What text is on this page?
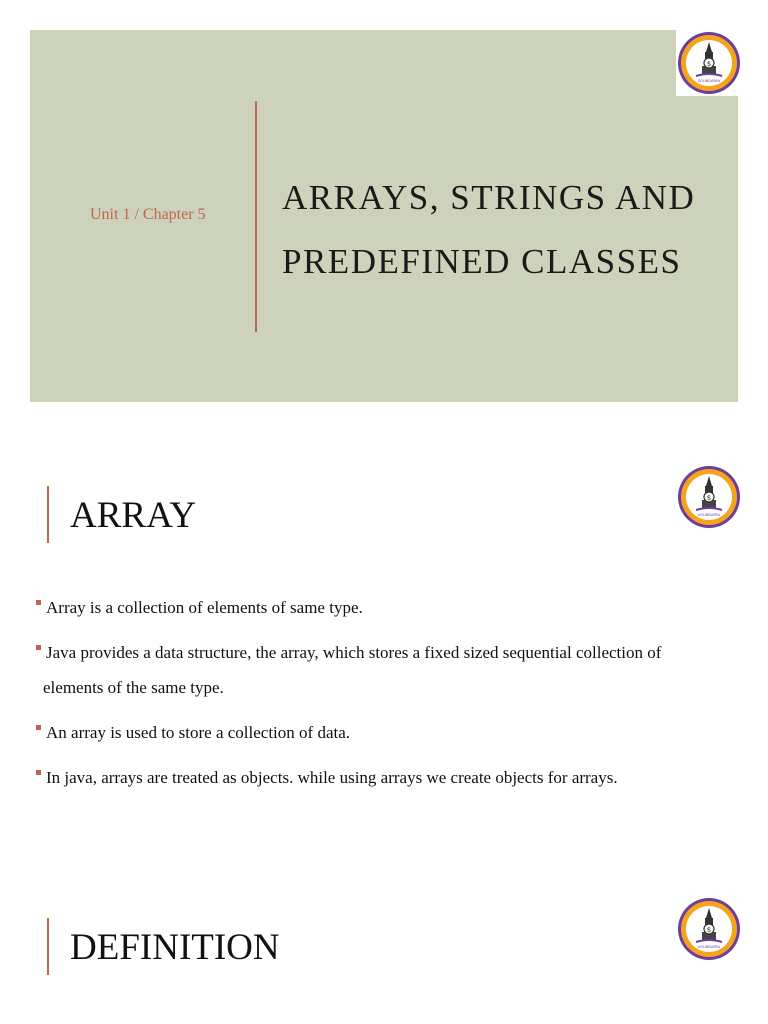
Unit 1 / Chapter 5 ARRAYS, STRINGS AND
PREDEFINED CLASSES
$
SOUNDARYA
ARRAY	$
SOUNDARYA
Array is a collection of elements of same type.
Java provides a data structure, the array, which stores a fixed sized sequential collection of
elements of the same type.
An array is used to store a collection of data.
In java, arrays are treated as objects. while using arrays we create objects for arrays.
DEFINITION	$
SOUNDARYA
